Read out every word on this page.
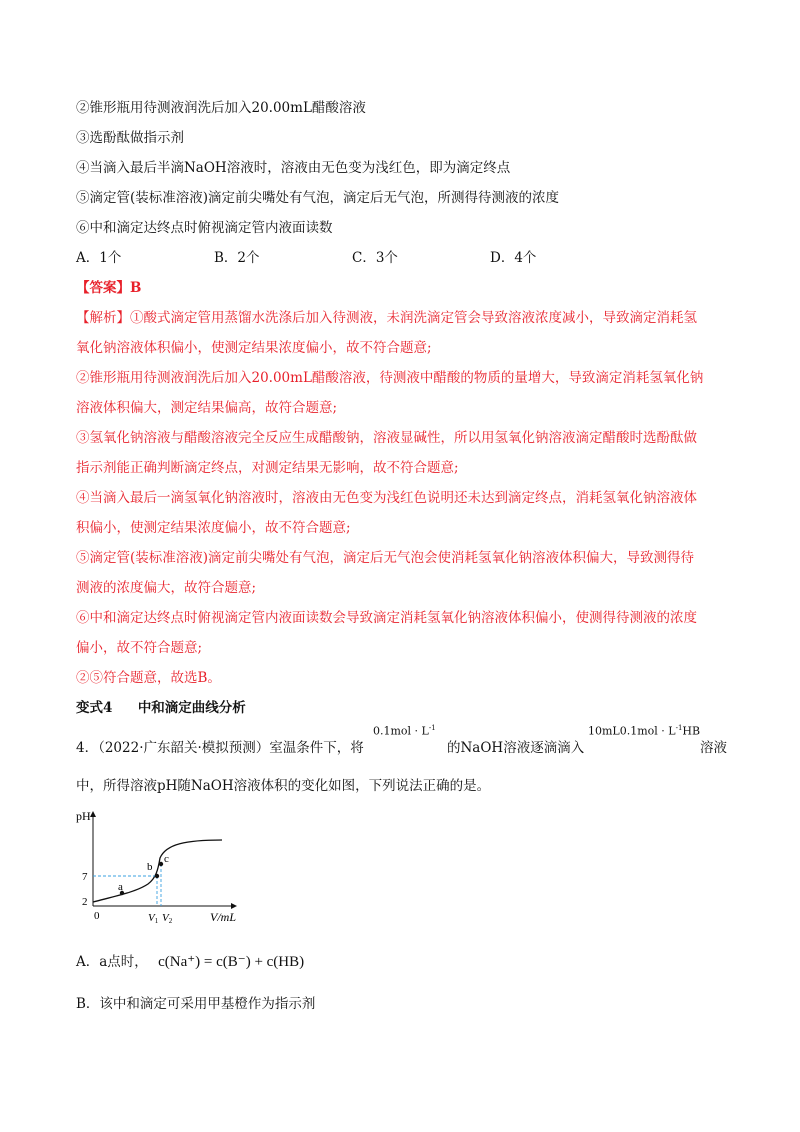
②锥形瓶用待测液润洗后加入20.00mL醋酸溶液
③选酚酞做指示剂
④当滴入最后半滴NaOH溶液时，溶液由无色变为浅红色，即为滴定终点
⑤滴定管(装标准溶液)滴定前尖嘴处有气泡，滴定后无气泡，所测得待测液的浓度
⑥中和滴定达终点时俯视滴定管内液面读数
A．1个	B．2个	C．3个	D．4个
【答案】B
【解析】①酸式滴定管用蒸馏水洗涤后加入待测液，未润洗滴定管会导致溶液浓度减小，导致滴定消耗氢
氧化钠溶液体积偏小，使测定结果浓度偏小，故不符合题意;
②锥形瓶用待测液润洗后加入20.00mL醋酸溶液，待测液中醋酸的物质的量增大，导致滴定消耗氢氧化钠
溶液体积偏大，测定结果偏高，故符合题意;
③氢氧化钠溶液与醋酸溶液完全反应生成醋酸钠，溶液显碱性，所以用氢氧化钠溶液滴定醋酸时选酚酞做
指示剂能正确判断滴定终点，对测定结果无影响，故不符合题意;
④当滴入最后一滴氢氧化钠溶液时，溶液由无色变为浅红色说明还未达到滴定终点，消耗氢氧化钠溶液体
积偏小，使测定结果浓度偏小，故不符合题意;
⑤滴定管(装标准溶液)滴定前尖嘴处有气泡，滴定后无气泡会使消耗氢氧化钠溶液体积偏大，导致测得待
测液的浓度偏大，故符合题意;
⑥中和滴定达终点时俯视滴定管内液面读数会导致滴定消耗氢氧化钠溶液体积偏小，使测得待测液的浓度
偏小，故不符合题意;
②⑤符合题意，故选B。
变式4 中和滴定曲线分析
4．（2022·广东韶关·模拟预测）室温条件下，将
$0.1mol \cdot L^{-1}$
的NaOH溶液逐滴滴入
$10mL0.1mol \cdot L^{-1}HB$
溶液
中，所得溶液pH随NaOH溶液体积的变化如图，下列说法正确的是。
pH
V/mL
7
2
0
a
b
c
V1 V2
A．a点时， c(Na⁺) = c(B⁻) + c(HB)
B．该中和滴定可采用甲基橙作为指示剂
